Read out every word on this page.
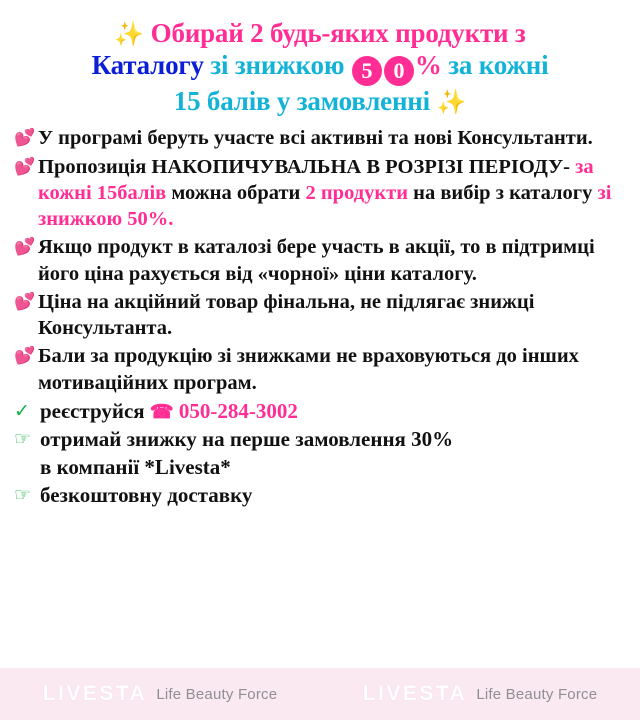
✨ Обирай 2 будь-яких продукти з
Каталогу зі знижкою 5 0 % за кожні
15 балів у замовленні ✨
💕 У програмі беруть участе всі активні та нові Консультанти.
💕 Пропозиція НАКОПИЧУВАЛЬНА В РОЗРІЗІ ПЕРІОДУ- за кожні 15балів можна обрати 2 продукти на вибір з каталогу зі знижкою 50%.
💕 Якщо продукт в каталозі бере участь в акції, то в підтримці його ціна рахується від «чорної» ціни каталогу.
💕 Ціна на акційний товар фінальна, не підлягає знижці Консультанта.
💕 Бали за продукцію зі знижками не враховуються до інших мотиваційних програм.
✓ реєструйся ☎ 050-284-3002
☞ отримай знижку на перше замовлення 30%
в компанії *Livesta*
☞ безкоштовну доставку
LIVESTA Life Beauty Force	LIVESTA Life Beauty Force
